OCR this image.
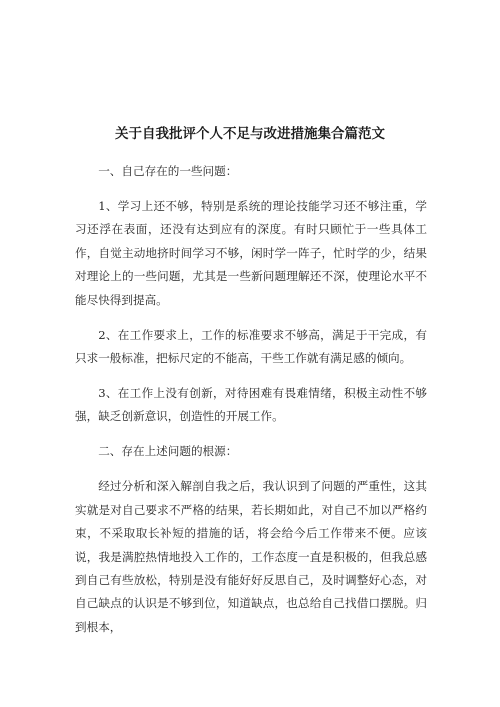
关于自我批评个人不足与改进措施集合篇范文

一、自己存在的一些问题：

1、学习上还不够，特别是系统的理论技能学习还不够注重，学习还浮在表面，还没有达到应有的深度。有时只顾忙于一些具体工作，自觉主动地挤时间学习不够，闲时学一阵子，忙时学的少，结果对理论上的一些问题，尤其是一些新问题理解还不深，使理论水平不能尽快得到提高。

2、在工作要求上，工作的标准要求不够高，满足于干完成，有只求一般标准，把标尺定的不能高，干些工作就有满足感的倾向。

3、在工作上没有创新，对待困难有畏难情绪，积极主动性不够强，缺乏创新意识，创造性的开展工作。

二、存在上述问题的根源：

经过分析和深入解剖自我之后，我认识到了问题的严重性，这其实就是对自己要求不严格的结果，若长期如此，对自己不加以严格约束，不采取取长补短的措施的话，将会给今后工作带来不便。应该说，我是满腔热情地投入工作的，工作态度一直是积极的，但我总感到自己有些放松，特别是没有能好好反思自己，及时调整好心态，对自己缺点的认识是不够到位，知道缺点，也总给自己找借口摆脱。归到根本，
